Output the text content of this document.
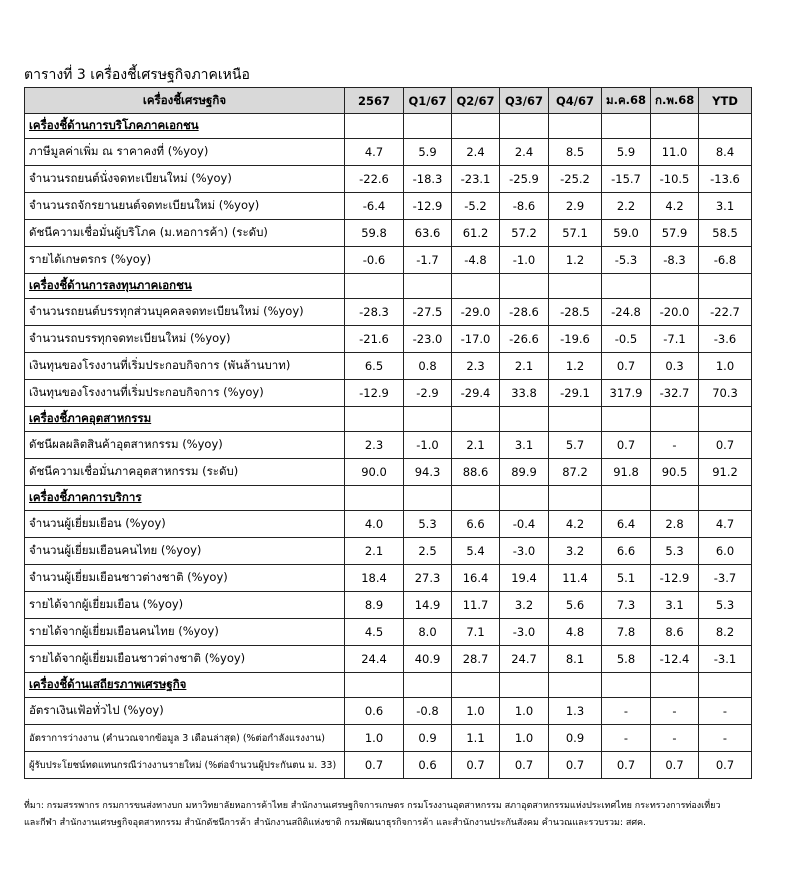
ตารางที่ 3 เครื่องชี้เศรษฐกิจภาคเหนือ
เครื่องชี้เศรษฐกิจ	2567	Q1/67	Q2/67	Q3/67	Q4/67	ม.ค.68	ก.พ.68	YTD
เครื่องชี้ด้านการบริโภคภาคเอกชน								
ภาษีมูลค่าเพิ่ม ณ ราคาคงที่ (%yoy)	4.7	5.9	2.4	2.4	8.5	5.9	11.0	8.4
จำนวนรถยนต์นั่งจดทะเบียนใหม่ (%yoy)	-22.6	-18.3	-23.1	-25.9	-25.2	-15.7	-10.5	-13.6
จำนวนรถจักรยานยนต์จดทะเบียนใหม่ (%yoy)	-6.4	-12.9	-5.2	-8.6	2.9	2.2	4.2	3.1
ดัชนีความเชื่อมั่นผู้บริโภค (ม.หอการค้า) (ระดับ)	59.8	63.6	61.2	57.2	57.1	59.0	57.9	58.5
รายได้เกษตรกร (%yoy)	-0.6	-1.7	-4.8	-1.0	1.2	-5.3	-8.3	-6.8
เครื่องชี้ด้านการลงทุนภาคเอกชน								
จำนวนรถยนต์บรรทุกส่วนบุคคลจดทะเบียนใหม่ (%yoy)	-28.3	-27.5	-29.0	-28.6	-28.5	-24.8	-20.0	-22.7
จำนวนรถบรรทุกจดทะเบียนใหม่ (%yoy)	-21.6	-23.0	-17.0	-26.6	-19.6	-0.5	-7.1	-3.6
เงินทุนของโรงงานที่เริ่มประกอบกิจการ (พันล้านบาท)	6.5	0.8	2.3	2.1	1.2	0.7	0.3	1.0
เงินทุนของโรงงานที่เริ่มประกอบกิจการ (%yoy)	-12.9	-2.9	-29.4	33.8	-29.1	317.9	-32.7	70.3
เครื่องชี้ภาคอุตสาหกรรม								
ดัชนีผลผลิตสินค้าอุตสาหกรรม (%yoy)	2.3	-1.0	2.1	3.1	5.7	0.7	-	0.7
ดัชนีความเชื่อมั่นภาคอุตสาหกรรม (ระดับ)	90.0	94.3	88.6	89.9	87.2	91.8	90.5	91.2
เครื่องชี้ภาคการบริการ								
จำนวนผู้เยี่ยมเยือน (%yoy)	4.0	5.3	6.6	-0.4	4.2	6.4	2.8	4.7
จำนวนผู้เยี่ยมเยือนคนไทย (%yoy)	2.1	2.5	5.4	-3.0	3.2	6.6	5.3	6.0
จำนวนผู้เยี่ยมเยือนชาวต่างชาติ (%yoy)	18.4	27.3	16.4	19.4	11.4	5.1	-12.9	-3.7
รายได้จากผู้เยี่ยมเยือน (%yoy)	8.9	14.9	11.7	3.2	5.6	7.3	3.1	5.3
รายได้จากผู้เยี่ยมเยือนคนไทย (%yoy)	4.5	8.0	7.1	-3.0	4.8	7.8	8.6	8.2
รายได้จากผู้เยี่ยมเยือนชาวต่างชาติ (%yoy)	24.4	40.9	28.7	24.7	8.1	5.8	-12.4	-3.1
เครื่องชี้ด้านเสถียรภาพเศรษฐกิจ								
อัตราเงินเฟ้อทั่วไป (%yoy)	0.6	-0.8	1.0	1.0	1.3	-	-	-
อัตราการว่างงาน (คำนวณจากข้อมูล 3 เดือนล่าสุด) (%ต่อกำลังแรงงาน)	1.0	0.9	1.1	1.0	0.9	-	-	-
ผู้รับประโยชน์ทดแทนกรณีว่างงานรายใหม่ (%ต่อจำนวนผู้ประกันตน ม. 33)	0.7	0.6	0.7	0.7	0.7	0.7	0.7	0.7
ที่มา: กรมสรรพากร กรมการขนส่งทางบก มหาวิทยาลัยหอการค้าไทย สำนักงานเศรษฐกิจการเกษตร กรมโรงงานอุตสาหกรรม สภาอุตสาหกรรมแห่งประเทศไทย กระทรวงการท่องเที่ยว
และกีฬา สำนักงานเศรษฐกิจอุตสาหกรรม สำนักดัชนีการค้า สำนักงานสถิติแห่งชาติ กรมพัฒนาธุรกิจการค้า และสำนักงานประกันสังคม คำนวณและรวบรวม: สศค.
